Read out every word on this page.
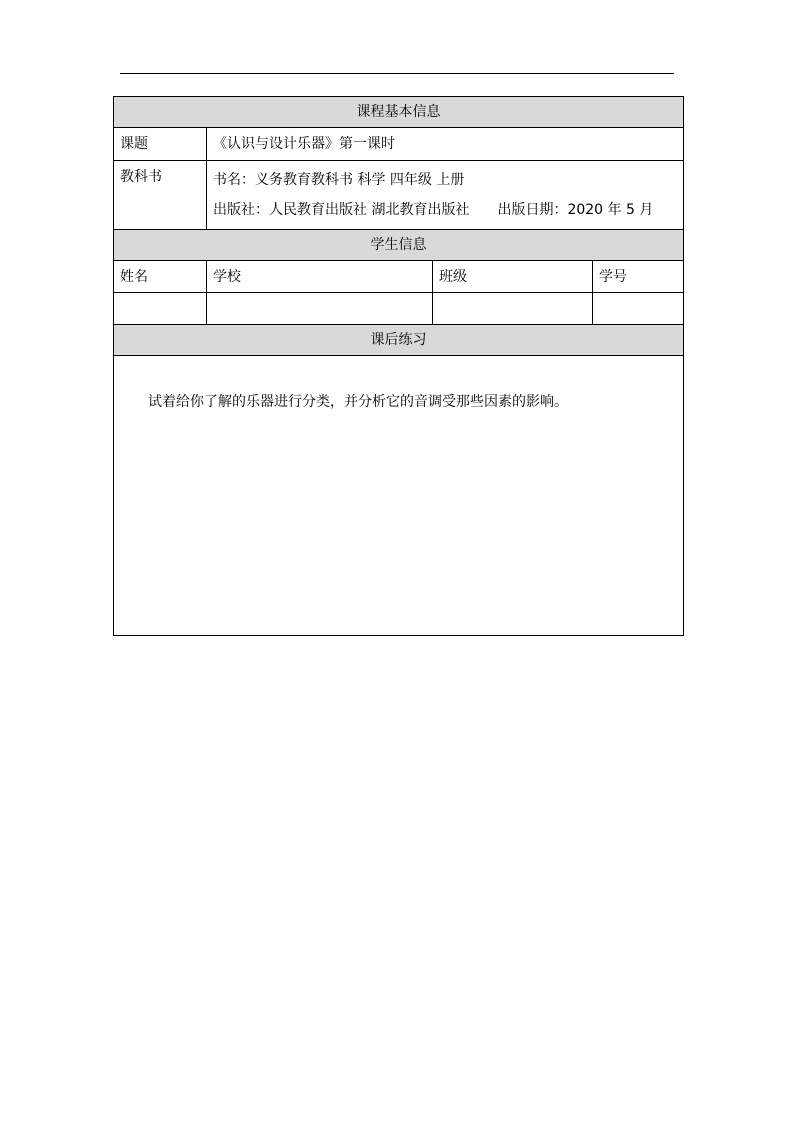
课程基本信息			
课题	《认识与设计乐器》第一课时		
教科书	书名：义务教育教科书 科学 四年级 上册
出版社：人民教育出版社 湖北教育出版社 出版日期：2020 年 5 月		

学生信息			
姓名	学校	班级	学号

课后练习			

试着给你了解的乐器进行分类，并分析它的音调受那些因素的影响。			
